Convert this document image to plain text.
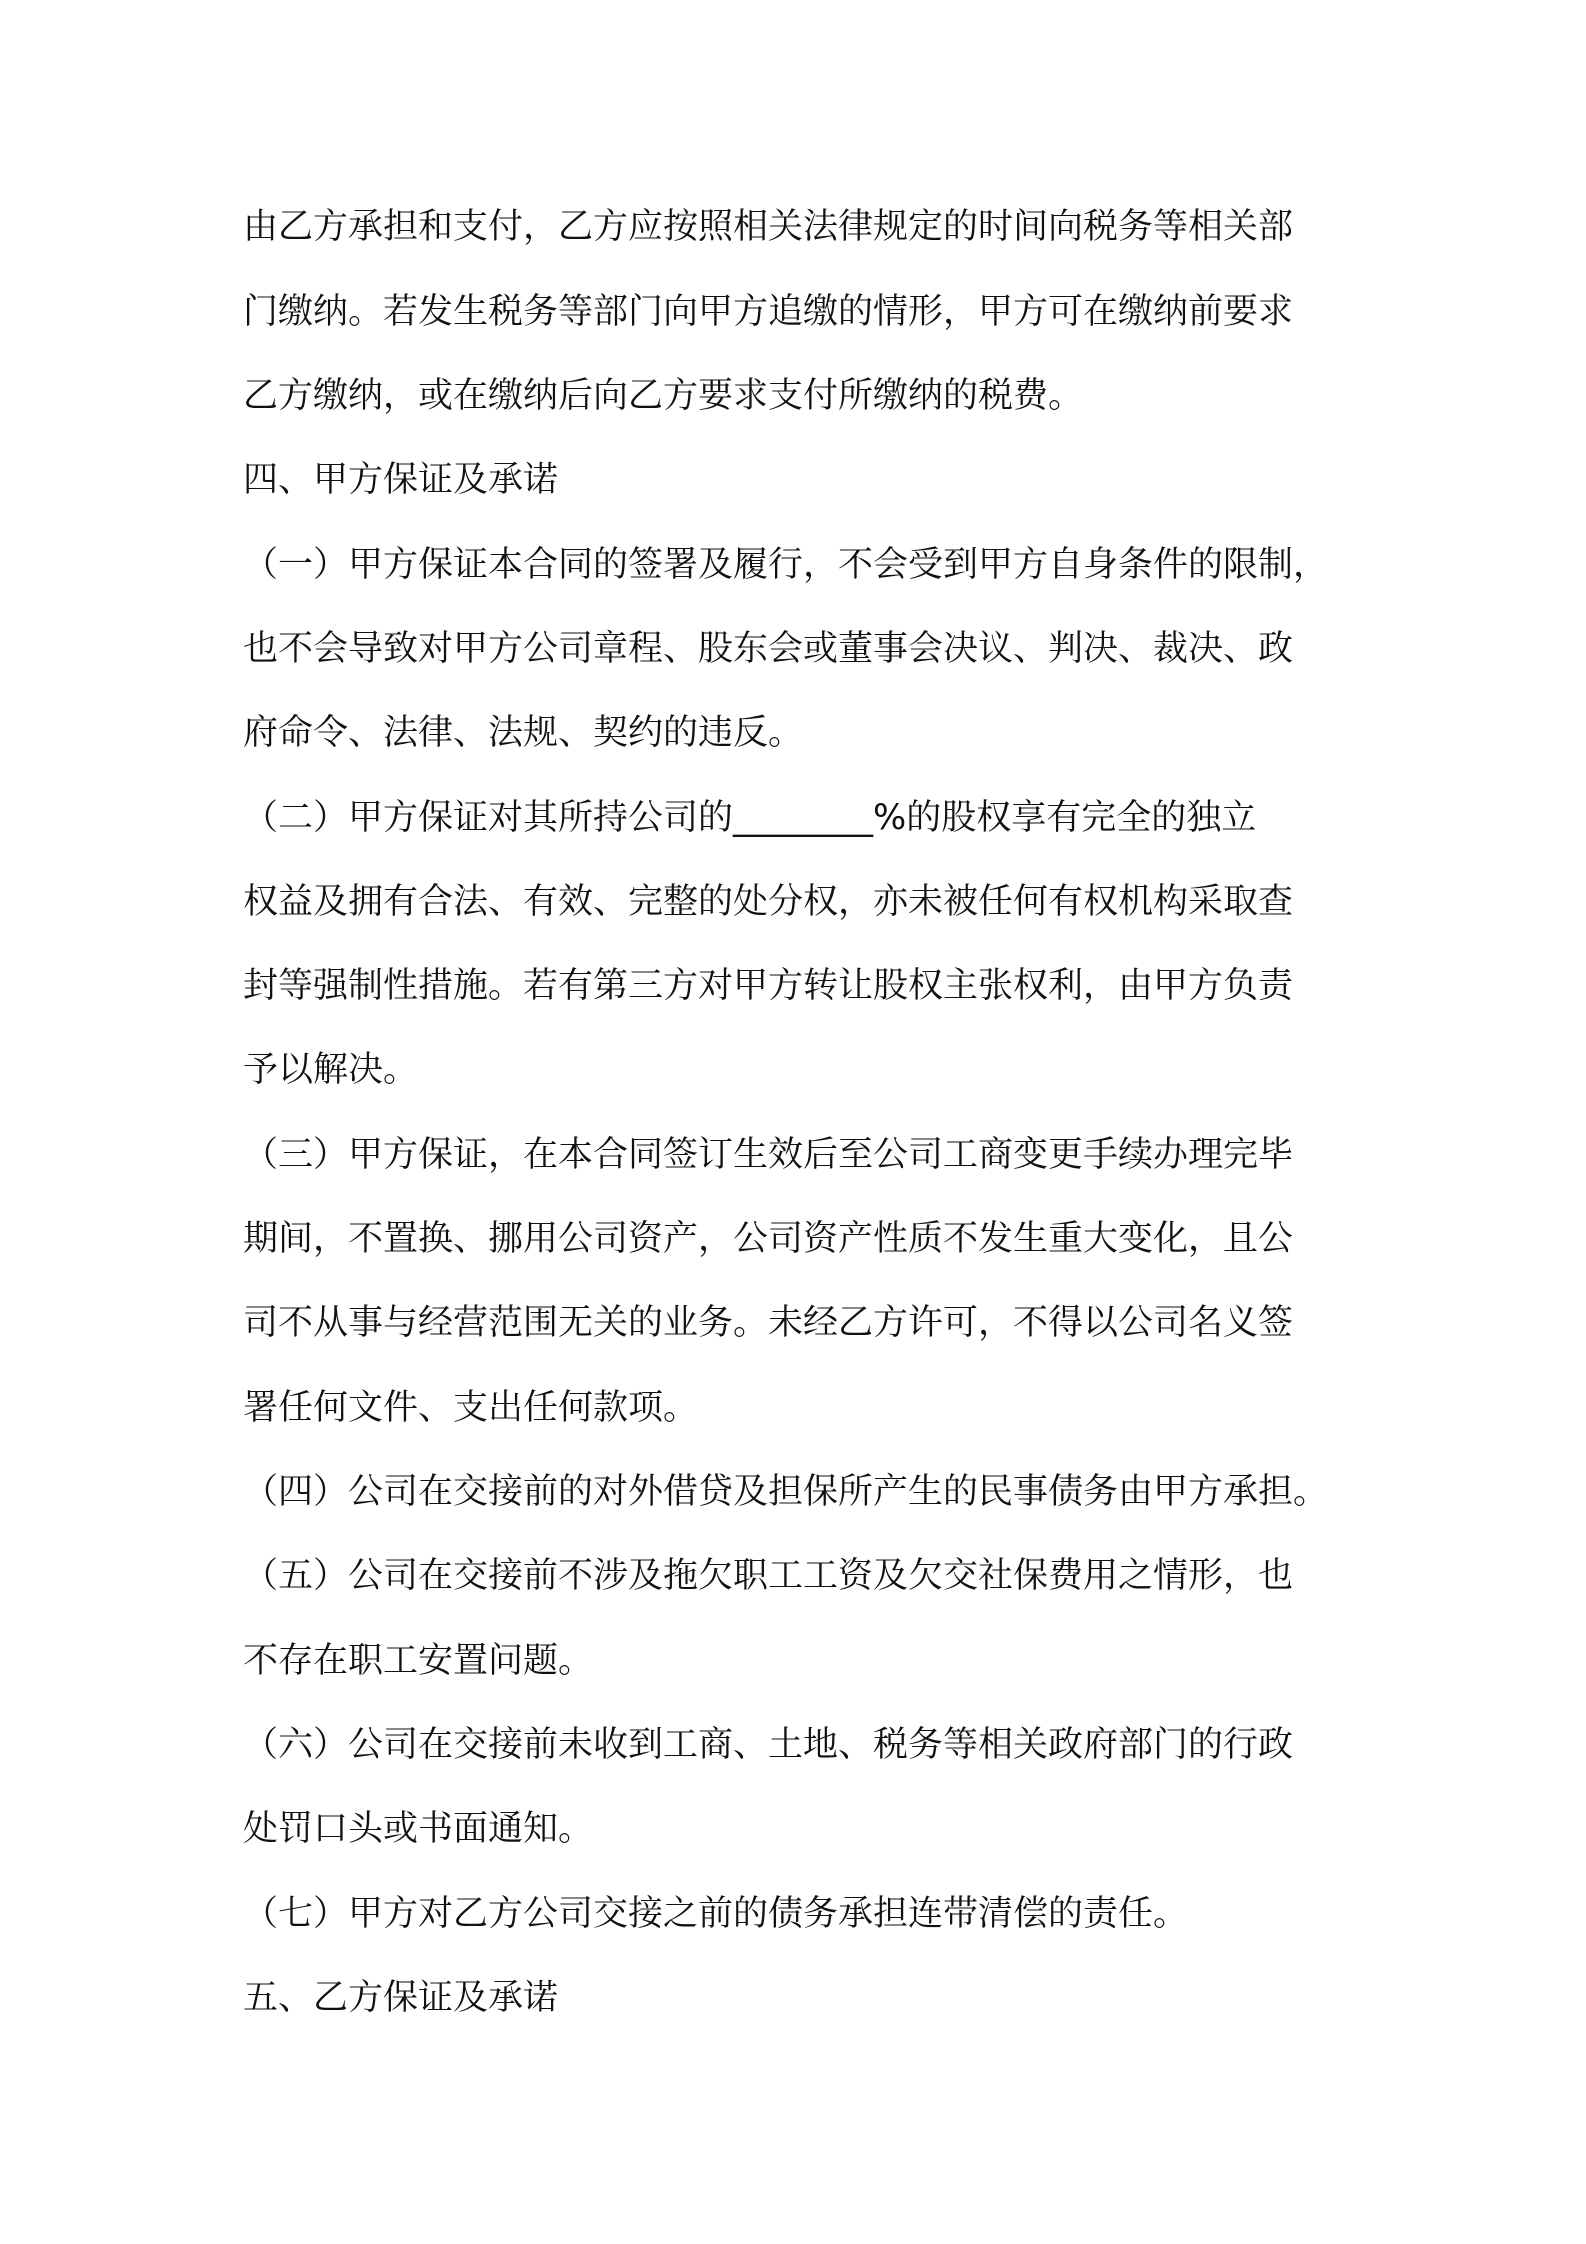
由乙方承担和支付，乙方应按照相关法律规定的时间向税务等相关部
门缴纳。若发生税务等部门向甲方追缴的情形，甲方可在缴纳前要求
乙方缴纳，或在缴纳后向乙方要求支付所缴纳的税费。
四、甲方保证及承诺
（一）甲方保证本合同的签署及履行，不会受到甲方自身条件的限制，
也不会导致对甲方公司章程、股东会或董事会决议、判决、裁决、政
府命令、法律、法规、契约的违反。
（二）甲方保证对其所持公司的________%的股权享有完全的独立
权益及拥有合法、有效、完整的处分权，亦未被任何有权机构采取查
封等强制性措施。若有第三方对甲方转让股权主张权利，由甲方负责
予以解决。
（三）甲方保证，在本合同签订生效后至公司工商变更手续办理完毕
期间，不置换、挪用公司资产，公司资产性质不发生重大变化，且公
司不从事与经营范围无关的业务。未经乙方许可，不得以公司名义签
署任何文件、支出任何款项。
（四）公司在交接前的对外借贷及担保所产生的民事债务由甲方承担。
（五）公司在交接前不涉及拖欠职工工资及欠交社保费用之情形，也
不存在职工安置问题。
（六）公司在交接前未收到工商、土地、税务等相关政府部门的行政
处罚口头或书面通知。
（七）甲方对乙方公司交接之前的债务承担连带清偿的责任。
五、乙方保证及承诺
